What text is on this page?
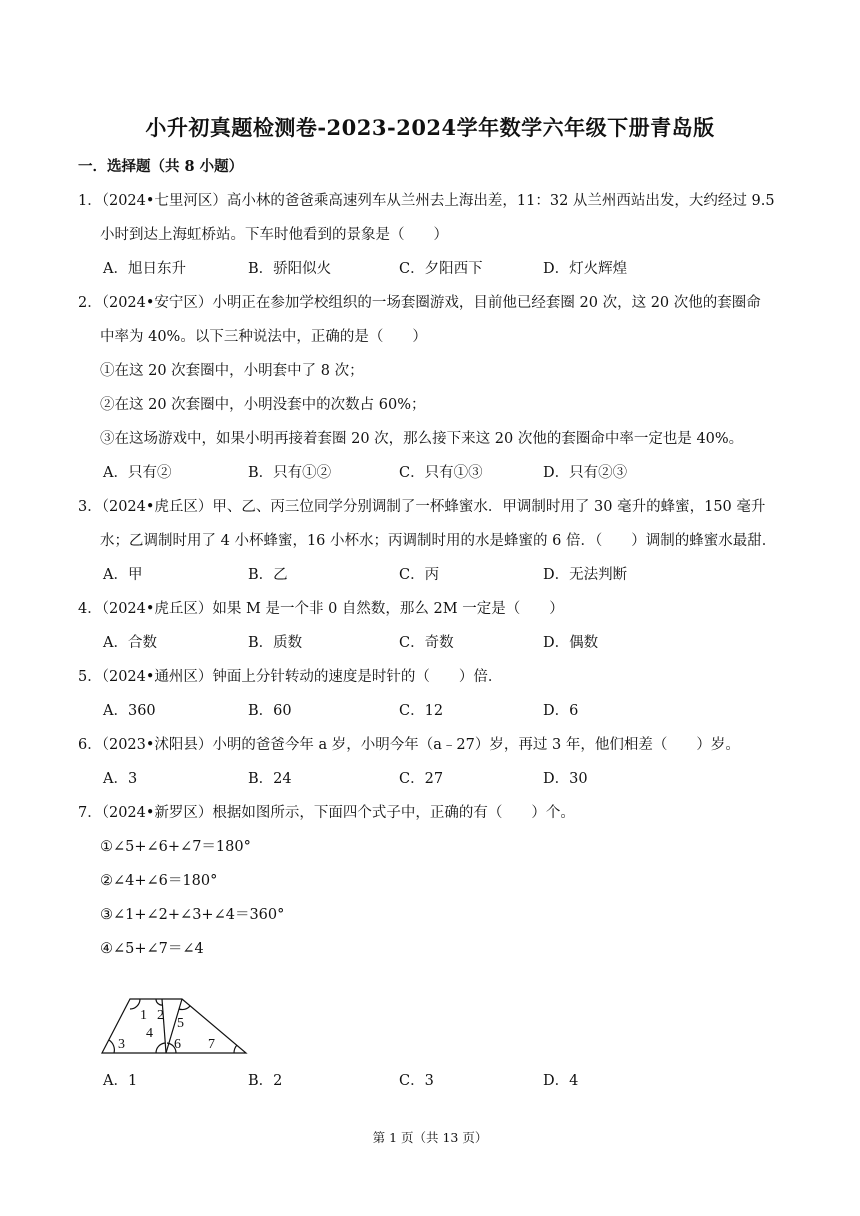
小升初真题检测卷-2023-2024学年数学六年级下册青岛版
一．选择题（共 8 小题）
1．（2024•七里河区）高小林的爸爸乘高速列车从兰州去上海出差，11：32 从兰州西站出发，大约经过 9.5
小时到达上海虹桥站。下车时他看到的景象是（　　）
A．旭日东升	B．骄阳似火	C．夕阳西下	D．灯火辉煌
2．（2024•安宁区）小明正在参加学校组织的一场套圈游戏，目前他已经套圈 20 次，这 20 次他的套圈命
中率为 40%。以下三种说法中，正确的是（　　）
①在这 20 次套圈中，小明套中了 8 次；
②在这 20 次套圈中，小明没套中的次数占 60%；
③在这场游戏中，如果小明再接着套圈 20 次，那么接下来这 20 次他的套圈命中率一定也是 40%。
A．只有②	B．只有①②	C．只有①③	D．只有②③
3．（2024•虎丘区）甲、乙、丙三位同学分别调制了一杯蜂蜜水．甲调制时用了 30 毫升的蜂蜜，150 毫升
水；乙调制时用了 4 小杯蜂蜜，16 小杯水；丙调制时用的水是蜂蜜的 6 倍．（　　）调制的蜂蜜水最甜．
A．甲	B．乙	C．丙	D．无法判断
4．（2024•虎丘区）如果 M 是一个非 0 自然数，那么 2M 一定是（　　）
A．合数	B．质数	C．奇数	D．偶数
5．（2024•通州区）钟面上分针转动的速度是时针的（　　）倍．
A．360	B．60	C．12	D．6
6．（2023•沭阳县）小明的爸爸今年 a 岁，小明今年（a﹣27）岁，再过 3 年，他们相差（　　）岁。
A．3	B．24	C．27	D．30
7．（2024•新罗区）根据如图所示，下面四个式子中，正确的有（　　）个。
①∠5+∠6+∠7＝180°
②∠4+∠6＝180°
③∠1+∠2+∠3+∠4＝360°
④∠5+∠7＝∠4
1 2
5
4
3	6 7
A．1	B．2	C．3	D．4
第 1 页（共 13 页）
